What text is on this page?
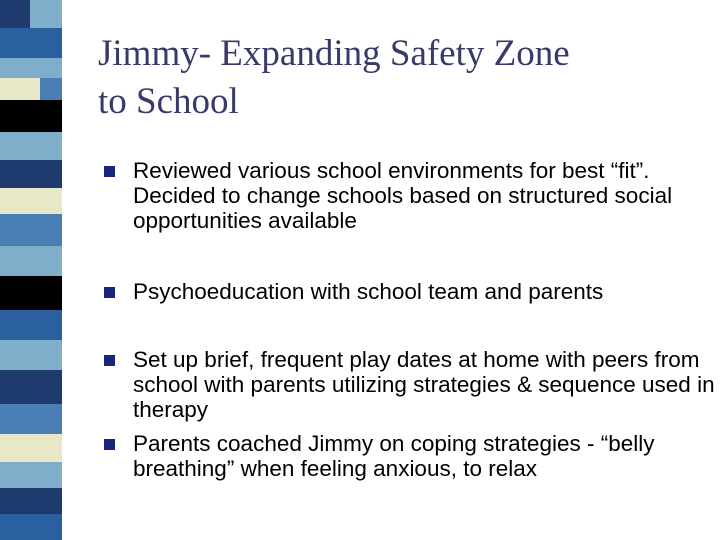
Jimmy- Expanding Safety Zone
to School
Reviewed various school environments for best “fit”. Decided to change schools based on structured social opportunities available
Psychoeducation with school team and parents
Set up brief, frequent play dates at home with peers from school with parents utilizing strategies & sequence used in therapy
Parents coached Jimmy on coping strategies - “belly breathing” when feeling anxious, to relax
